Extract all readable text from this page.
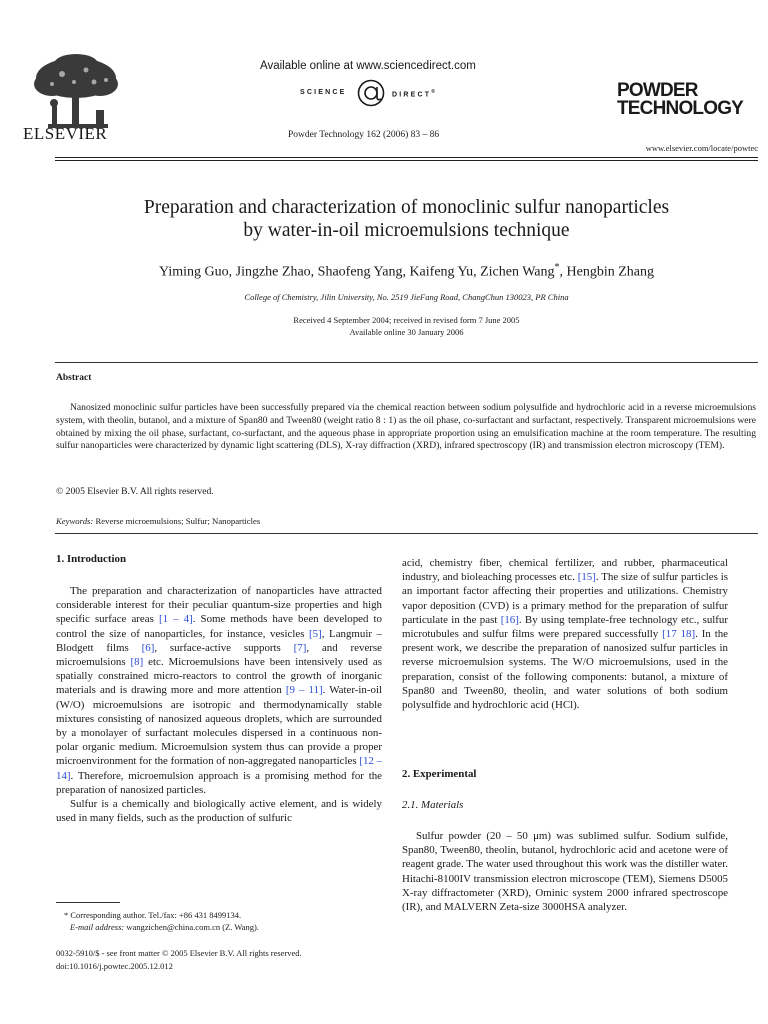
ELSEVIER
Available online at www.sciencedirect.com
SCIENCE	DIRECT®
Powder Technology 162 (2006) 83 – 86
POWDER
TECHNOLOGY
www.elsevier.com/locate/powtec
Preparation and characterization of monoclinic sulfur nanoparticles
by water-in-oil microemulsions technique
Yiming Guo, Jingzhe Zhao, Shaofeng Yang, Kaifeng Yu, Zichen Wang*, Hengbin Zhang
College of Chemistry, Jilin University, No. 2519 JieFang Road, ChangChun 130023, PR China
Received 4 September 2004; received in revised form 7 June 2005
Available online 30 January 2006
Abstract

Nanosized monoclinic sulfur particles have been successfully prepared via the chemical reaction between sodium polysulfide and hydrochloric acid in a reverse microemulsions system, with theolin, butanol, and a mixture of Span80 and Tween80 (weight ratio 8 : 1) as the oil phase, co-surfactant and surfactant, respectively. Transparent microemulsions were obtained by mixing the oil phase, surfactant, co-surfactant, and the aqueous phase in appropriate proportion using an emulsification machine at the room temperature. The resulting sulfur nanoparticles were characterized by dynamic light scattering (DLS), X-ray diffraction (XRD), infrared spectroscopy (IR) and transmission electron microscopy (TEM).

© 2005 Elsevier B.V. All rights reserved.
Keywords: Reverse microemulsions; Sulfur; Nanoparticles
1. Introduction

The preparation and characterization of nanoparticles have attracted considerable interest for their peculiar quantum-size properties and high specific surface areas [1 – 4]. Some methods have been developed to control the size of nanoparticles, for instance, vesicles [5], Langmuir – Blodgett films [6], surface-active supports [7], and reverse microemulsions [8] etc. Microemulsions have been intensively used as spatially constrained micro-reactors to control the growth of inorganic materials and is drawing more and more attention [9 – 11]. Water-in-oil (W/O) microemulsions are isotropic and thermodynamically stable mixtures consisting of nanosized aqueous droplets, which are surrounded by a monolayer of surfactant molecules dispersed in a continuous non-polar organic medium. Microemulsion system thus can provide a proper microenvironment for the formation of non-aggregated nanoparticles [12 – 14]. Therefore, microemulsion approach is a promising method for the preparation of nanosized particles.

Sulfur is a chemically and biologically active element, and is widely used in many fields, such as the production of sulfuric

acid, chemistry fiber, chemical fertilizer, and rubber, pharmaceutical industry, and bioleaching processes etc. [15]. The size of sulfur particles is an important factor affecting their properties and utilizations. Chemistry vapor deposition (CVD) is a primary method for the preparation of sulfur particulate in the past [16]. By using template-free technology etc., sulfur microtubules and sulfur films were prepared successfully [17 18]. In the present work, we describe the preparation of nanosized sulfur particles in reverse microemulsion systems. The W/O microemulsions, used in the preparation, consist of the following components: butanol, a mixture of Span80 and Tween80, theolin, and water solutions of both sodium polysulfide and hydrochloric acid (HCl).

2. Experimental
2.1. Materials

Sulfur powder (20 – 50 μm) was sublimed sulfur. Sodium sulfide, Span80, Tween80, theolin, butanol, hydrochloric acid and acetone were of reagent grade. The water used throughout this work was the distiller water. Hitachi-8100IV transmission electron microscope (TEM), Siemens D5005 X-ray diffractometer (XRD), Ominic system 2000 infrared spectroscope (IR), and MALVERN Zeta-size 3000HSA analyzer.

* Corresponding author. Tel./fax: +86 431 8499134.
E-mail address: wangzichen@china.com.cn (Z. Wang).
0032-5910/$ - see front matter © 2005 Elsevier B.V. All rights reserved.
doi:10.1016/j.powtec.2005.12.012
